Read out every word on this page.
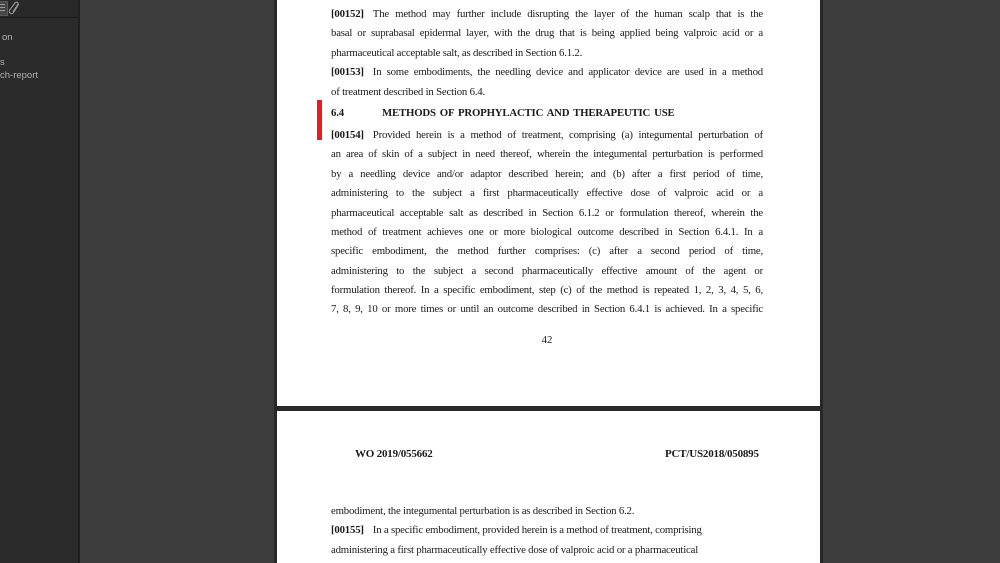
on
s
ch-report
[00152] The method may further include disrupting the layer of the human scalp that is the
basal or suprabasal epidermal layer, with the drug that is being applied being valproic acid or a
pharmaceutical acceptable salt, as described in Section 6.1.2.
[00153] In some embodiments, the needling device and applicator device are used in a method
of treatment described in Section 6.4.
6.4	METHODS OF PROPHYLACTIC AND THERAPEUTIC USE
[00154] Provided herein is a method of treatment, comprising (a) integumental perturbation of
an area of skin of a subject in need thereof, wherein the integumental perturbation is performed
by a needling device and/or adaptor described herein; and (b) after a first period of time,
administering to the subject a first pharmaceutically effective dose of valproic acid or a
pharmaceutical acceptable salt as described in Section 6.1.2 or formulation thereof, wherein the
method of treatment achieves one or more biological outcome described in Section 6.4.1. In a
specific embodiment, the method further comprises: (c) after a second period of time,
administering to the subject a second pharmaceutically effective amount of the agent or
formulation thereof. In a specific embodiment, step (c) of the method is repeated 1, 2, 3, 4, 5, 6,
7, 8, 9, 10 or more times or until an outcome described in Section 6.4.1 is achieved. In a specific
42
WO 2019/055662	PCT/US2018/050895
embodiment, the integumental perturbation is as described in Section 6.2.
[00155] In a specific embodiment, provided herein is a method of treatment, comprising
administering a first pharmaceutically effective dose of valproic acid or a pharmaceutical
